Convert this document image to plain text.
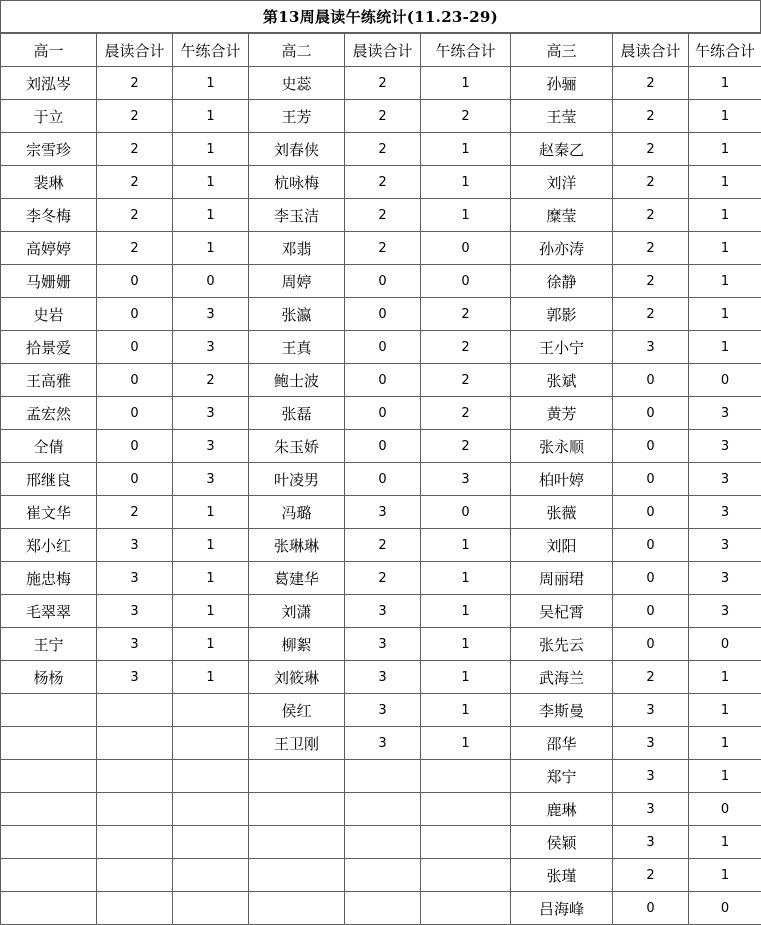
第13周晨读午练统计(11.23-29)
高一	晨读合计	午练合计	高二	晨读合计	午练合计	高三	晨读合计	午练合计
刘泓岑	2	1	史蕊	2	1	孙骊	2	1
于立	2	1	王芳	2	2	王莹	2	1
宗雪珍	2	1	刘春侠	2	1	赵秦乙	2	1
裴琳	2	1	杭咏梅	2	1	刘洋	2	1
李冬梅	2	1	李玉洁	2	1	糜莹	2	1
高婷婷	2	1	邓翡	2	0	孙亦涛	2	1
马姗姗	0	0	周婷	0	0	徐静	2	1
史岩	0	3	张瀛	0	2	郭影	2	1
拾景爱	0	3	王真	0	2	王小宁	3	1
王高雅	0	2	鲍士波	0	2	张斌	0	0
孟宏然	0	3	张磊	0	2	黄芳	0	3
仝倩	0	3	朱玉娇	0	2	张永顺	0	3
邢继良	0	3	叶凌男	0	3	柏叶婷	0	3
崔文华	2	1	冯璐	3	0	张薇	0	3
郑小红	3	1	张琳琳	2	1	刘阳	0	3
施忠梅	3	1	葛建华	2	1	周丽珺	0	3
毛翠翠	3	1	刘潇	3	1	吴杞霄	0	3
王宁	3	1	柳絮	3	1	张先云	0	0
杨杨	3	1	刘筱琳	3	1	武海兰	2	1
			侯红	3	1	李斯曼	3	1
			王卫刚	3	1	邵华	3	1
						郑宁	3	1
						鹿琳	3	0
						侯颖	3	1
						张瑾	2	1
						吕海峰	0	0
